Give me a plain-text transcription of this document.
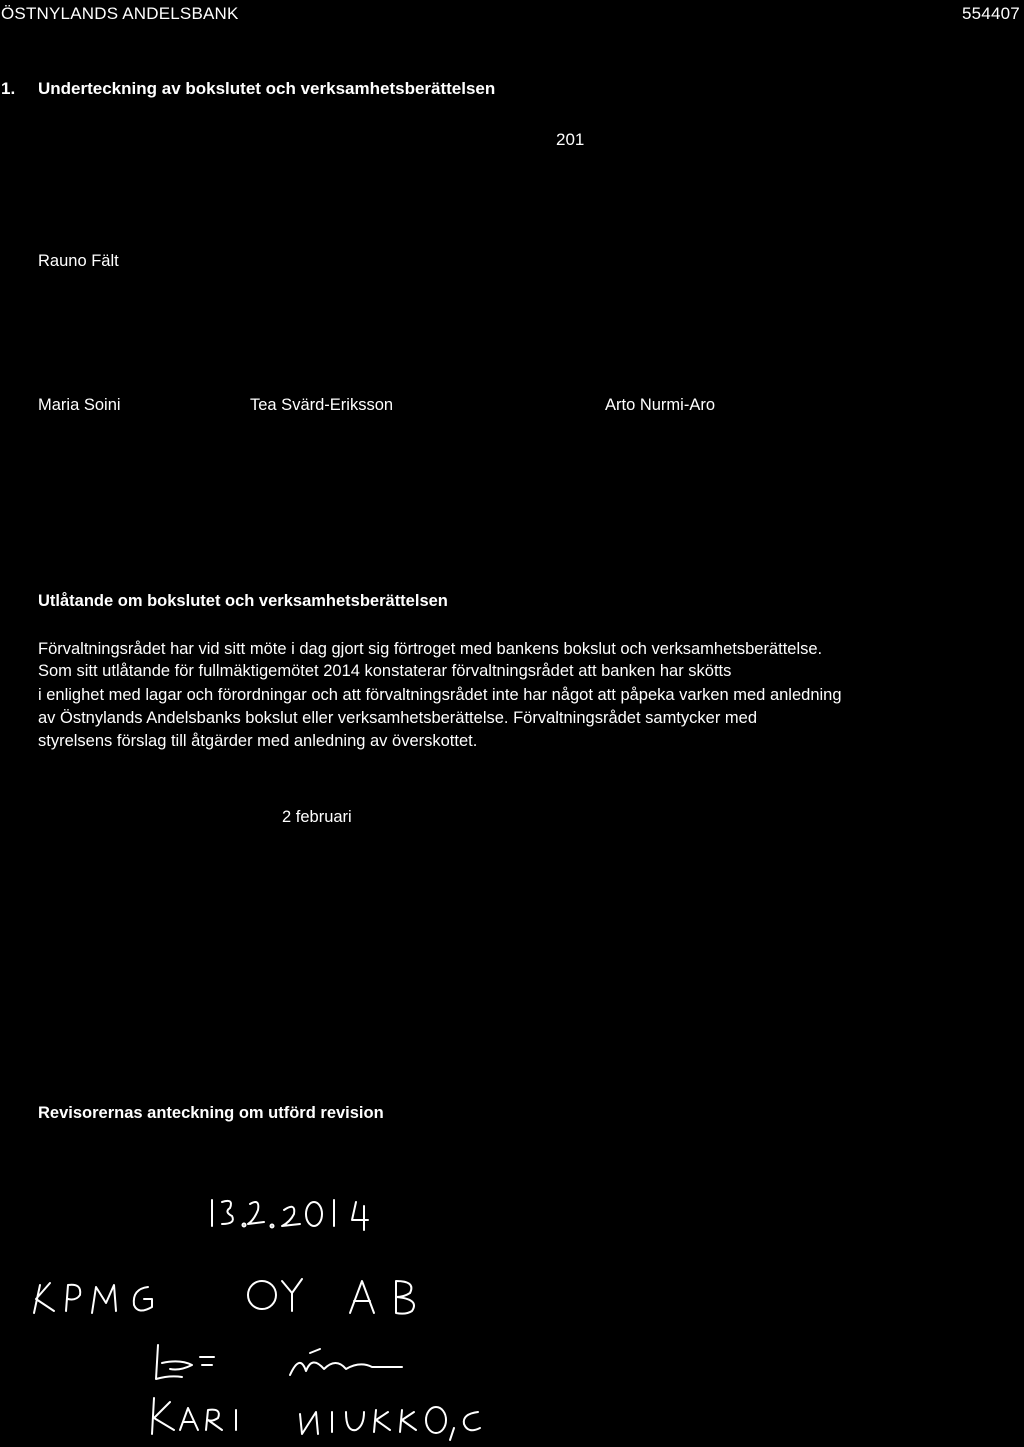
ÖSTNYLANDS ANDELSBANK	554407
1. Underteckning av bokslutet och verksamhetsberättelsen
201
Rauno Fält
Maria Soini	Tea Svärd-Eriksson	Arto Nurmi-Aro
Utlåtande om bokslutet och verksamhetsberättelsen
Förvaltningsrådet har vid sitt möte i dag gjort sig förtroget med bankens bokslut och verksamhetsberättelse.
Som sitt utlåtande för fullmäktigemötet 2014 konstaterar förvaltningsrådet att banken har skötts
i enlighet med lagar och förordningar och att förvaltningsrådet inte har något att påpeka varken med anledning
av Östnylands Andelsbanks bokslut eller verksamhetsberättelse. Förvaltningsrådet samtycker med
styrelsens förslag till åtgärder med anledning av överskottet.
2 februari
Revisorernas anteckning om utförd revision
